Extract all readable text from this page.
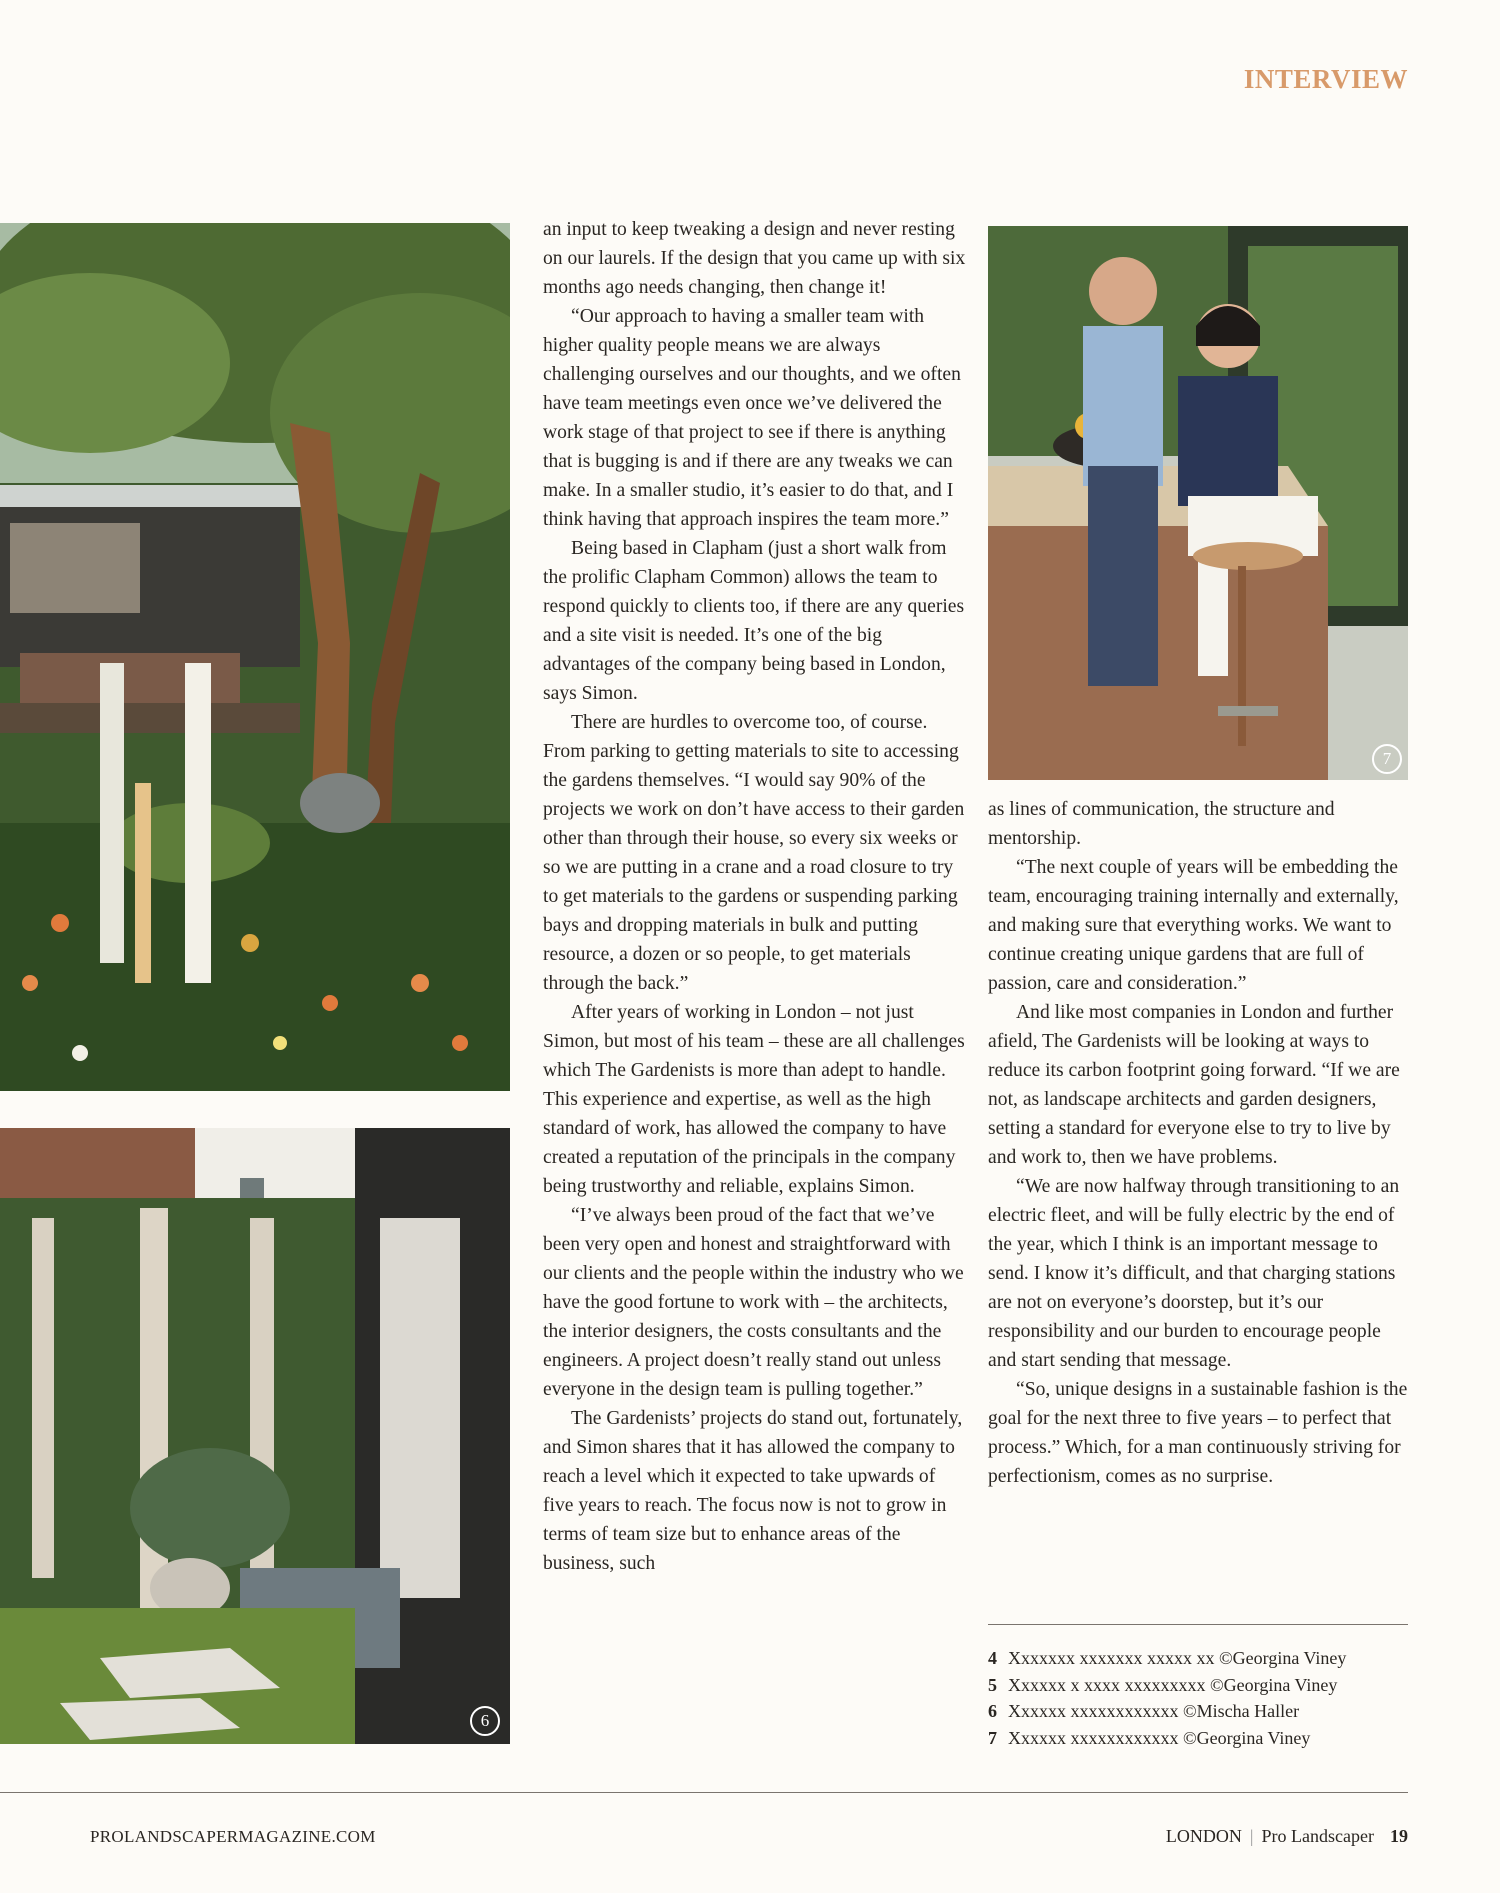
INTERVIEW
6
7

an input to keep tweaking a design and never resting on our laurels. If the design that you came up with six months ago needs changing, then change it!

“Our approach to having a smaller team with higher quality people means we are always challenging ourselves and our thoughts, and we often have team meetings even once we’ve delivered the work stage of that project to see if there is anything that is bugging is and if there are any tweaks we can make. In a smaller studio, it’s easier to do that, and I think having that approach inspires the team more.”

Being based in Clapham (just a short walk from the prolific Clapham Common) allows the team to respond quickly to clients too, if there are any queries and a site visit is needed. It’s one of the big advantages of the company being based in London, says Simon.

There are hurdles to overcome too, of course. From parking to getting materials to site to accessing the gardens themselves. “I would say 90% of the projects we work on don’t have access to their garden other than through their house, so every six weeks or so we are putting in a crane and a road closure to try to get materials to the gardens or suspending parking bays and dropping materials in bulk and putting resource, a dozen or so people, to get materials through the back.”

After years of working in London – not just Simon, but most of his team – these are all challenges which The Gardenists is more than adept to handle. This experience and expertise, as well as the high standard of work, has allowed the company to have created a reputation of the principals in the company being trustworthy and reliable, explains Simon.

“I’ve always been proud of the fact that we’ve been very open and honest and straightforward with our clients and the people within the industry who we have the good fortune to work with – the architects, the interior designers, the costs consultants and the engineers. A project doesn’t really stand out unless everyone in the design team is pulling together.”

The Gardenists’ projects do stand out, fortunately, and Simon shares that it has allowed the company to reach a level which it expected to take upwards of five years to reach. The focus now is not to grow in terms of team size but to enhance areas of the business, such

as lines of communication, the structure and mentorship.

“The next couple of years will be embedding the team, encouraging training internally and externally, and making sure that everything works. We want to continue creating unique gardens that are full of passion, care and consideration.”

And like most companies in London and further afield, The Gardenists will be looking at ways to reduce its carbon footprint going forward. “If we are not, as landscape architects and garden designers, setting a standard for everyone else to try to live by and work to, then we have problems.

“We are now halfway through transitioning to an electric fleet, and will be fully electric by the end of the year, which I think is an important message to send. I know it’s difficult, and that charging stations are not on everyone’s doorstep, but it’s our responsibility and our burden to encourage people and start sending that message.

“So, unique designs in a sustainable fashion is the goal for the next three to five years – to perfect that process.” Which, for a man continuously striving for perfectionism, comes as no surprise.

4 Xxxxxxx xxxxxxx xxxxx xx ©Georgina Viney
5 Xxxxxx x xxxx xxxxxxxxx ©Georgina Viney
6 Xxxxxx xxxxxxxxxxxx ©Mischa Haller
7 Xxxxxx xxxxxxxxxxxx ©Georgina Viney
PROLANDSCAPERMAGAZINE.COM	LONDON | Pro Landscaper 19
